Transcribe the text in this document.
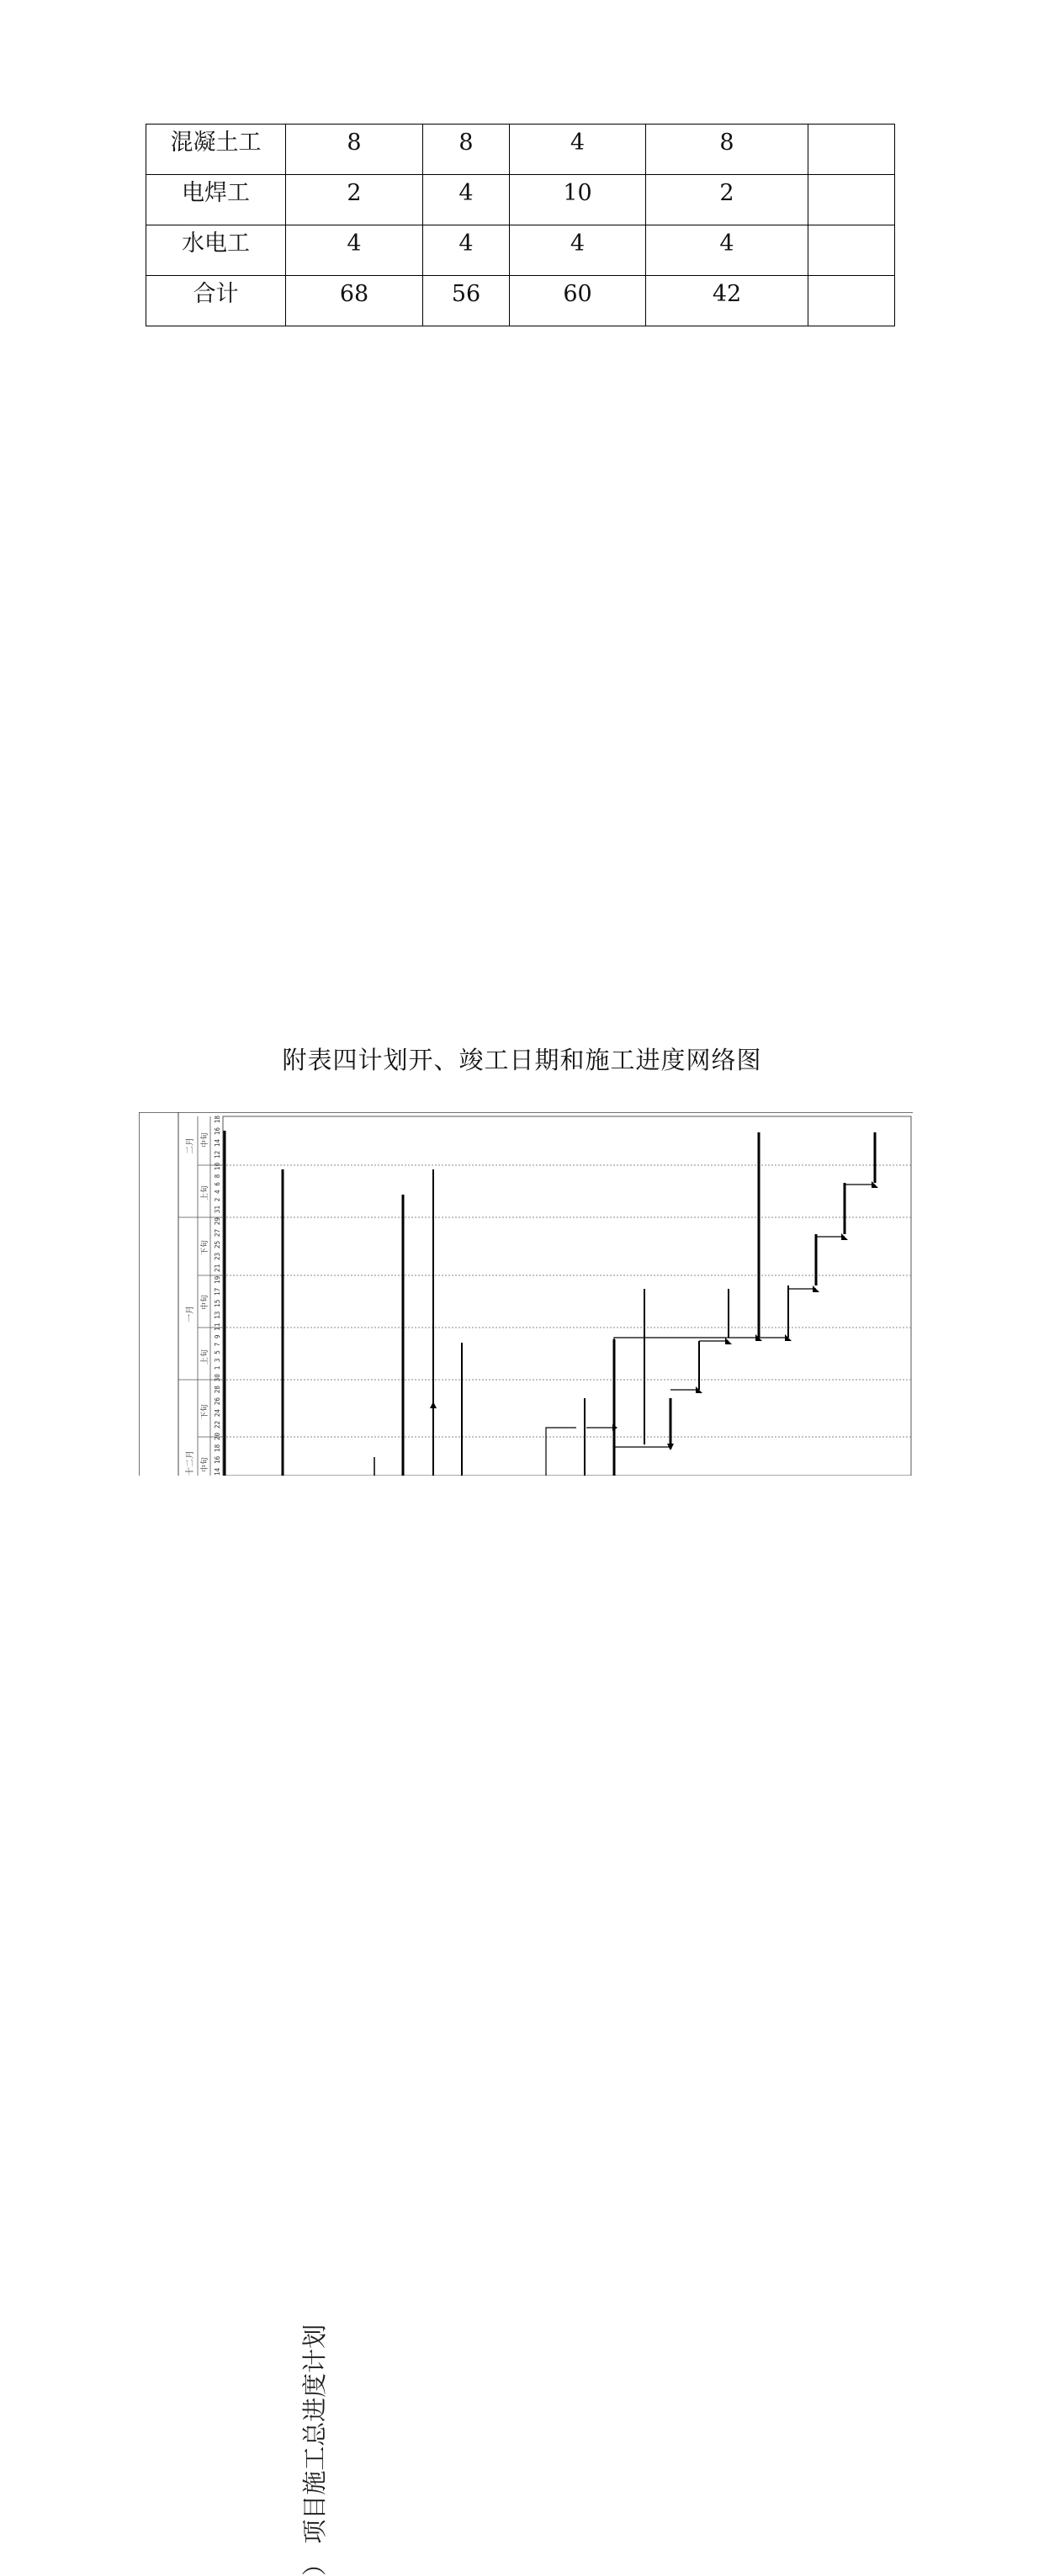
混凝土工	8	8	4	8	
电焊工	2	4	10	2	
水电工	4	4	4	4	
合计	68	56	60	42	
附表四计划开、竣工日期和施工进度网络图
二月
一月
十二月
中旬
上旬
下旬
中旬
上旬
下旬
中旬 14 16 18 20 22 24 26 28 30 1 3 5 7 9 11 13 15 17 19 21 23 25 27 29 31 2 4 6 8 10 12 14 16 18
） 项目施工总进度计划
